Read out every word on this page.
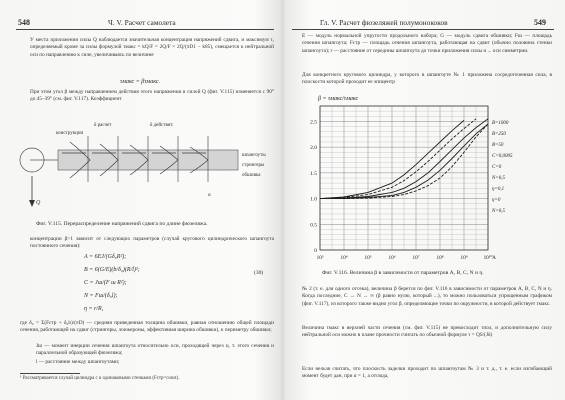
548	Ч. V. Расчет самолета
У места приложения силы Q наблюдается значительная концентрация напряжений сдвига, и максимум τ, определяемый кроме за силы формулой τмакс = kQ/F = 2Q/F = 2Q/(πD1 − k85), смещается к нейтральной оси по направлению к силе, увеличиваясь по величине
τмакс = βτмакс.
При этом угол β между направлением действия этого напряжения и силой Q (фиг. V.115) изменяется с 90° до 45–39° (см. фиг. V.117). Коэффициент
Q
δ расчет	δ действит.
конструкции
шпангоуты
стрингеры
обшивка
α
Фиг. V.115. Перераспределение напряжений сдвига по длине фюзеляжа.
концентрации β>1 зависит от следующих параметров (случай кругового цилиндрического шпангоута постоянного сечения):
A = 6EJ/(Gδ₀R²);
B = 6(G/E)(b/δ₀)(R/l)²;
C = Jш/(F ш R²);
N = Fш/(δ₀l);
η = r/R,
(30)
где δ₀ = Σ(Fстр + δ₀b)/(πD) — средняя приведенная толщина обшивки, равная отношению общей площади сечения, работающей на сдвиг (стрингеры, лонжероны, эффективная ширина обшивки), к периметру обшивки;
Jш — момент инерции сечения шпангоута относительно оси, проходящей через ц. т. этого сечения и параллельной образующей фюзеляжа;
l — расстояние между шпангоутами;
¹ Рассматривается случай цилиндра с n одинаковыми стенками (Fстр=const).
Гл. V. Расчет фюзеляжей полумонококов	549
E — модуль нормальной упругости продольного набора; G — модуль сдвига обшивки; Fш — площадь сечения шпангоута; Fстр — площадь сечения шпангоута, работающая на сдвиг (обычно половина стенки шпангоута); r — расстояние от середины шпангоута до точки приложения силы и ... оси симметрии.
Для конкретного кругового цилиндра, у которого в шпангоуте № 1 приложена сосредоточенная сила, в плоскости которой проходит ее эпицентр
β = τмакс/τмакс
0
0.5
1.0
1.5
2.0
2.5
10³	10⁴	10⁵	10⁶	10⁷	10⁸	10⁹	10¹⁰ A
B=1000
B=250
B=50
C=0,0005
C=0
N=0,5
η=0,1
η=0
N=0,5
Фиг. V.116. Величина β в зависимости от параметров A, B, C, N и η.
№ 2 (т. е. для одного отсека), величина β берется по фиг. V.116 в зависимости от параметров A, B, C, N и η. Когда последние, C → N → ∞ (β равно нулю, который ...), то можно пользоваться упрощенным графиком (фиг. V.117), из которого также видно угол β, определяющие точки по окружности, в которой действует τмакс.
Величина τмакс в верхней части сечения (см. фиг. V.115) не превосходит τпол, и дополнительную силу нейтральной оси можно в плане прочности считать по обычной формуле τ = QS/(Jδ)
Если нельзя считать, что плоскость заделки проходит по шпангоутам № 3 и т. д., т. е. если изгибающий момент будет дан, при α = 1, а отсюда,
